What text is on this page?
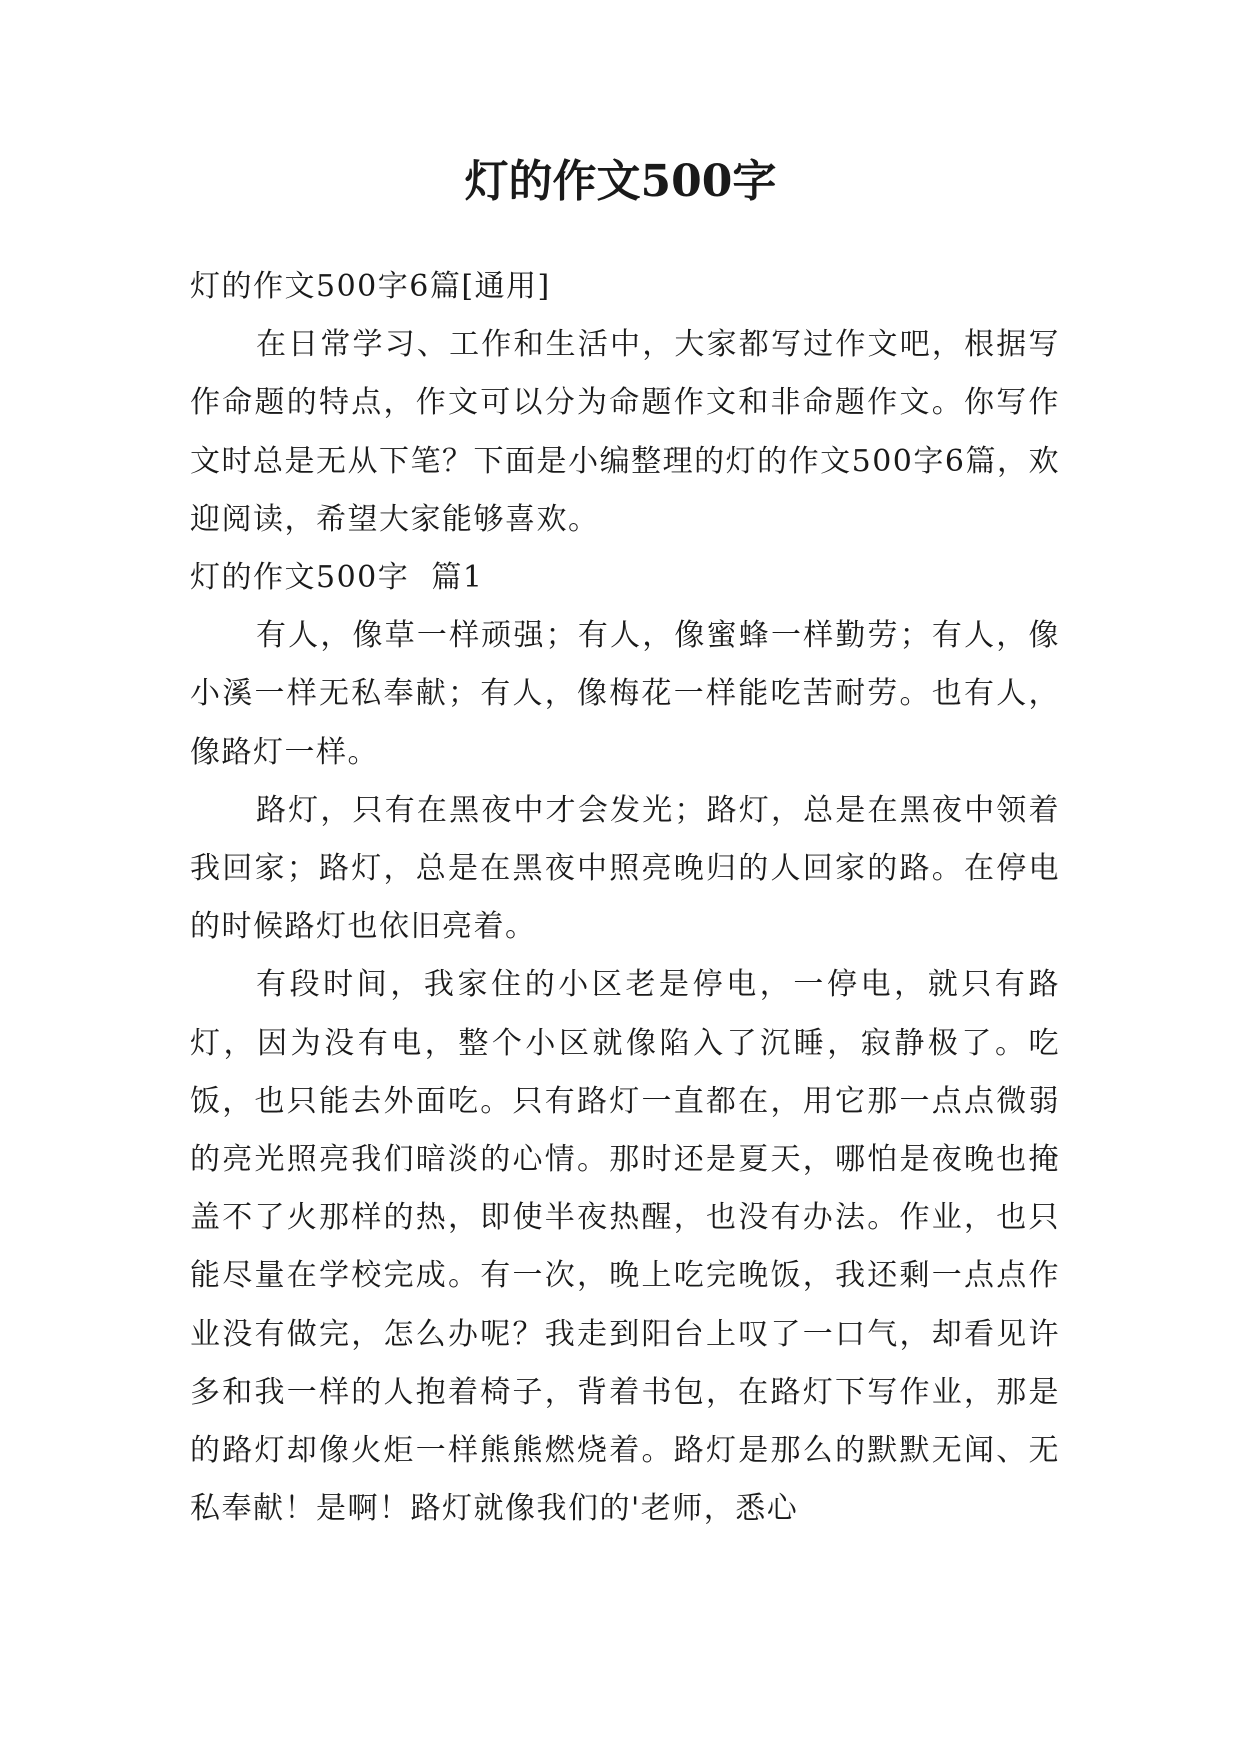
灯的作文500字

灯的作文500字6篇[通用]

在日常学习、工作和生活中，大家都写过作文吧，根据写作命题的特点，作文可以分为命题作文和非命题作文。你写作文时总是无从下笔？下面是小编整理的灯的作文500字6篇，欢迎阅读，希望大家能够喜欢。

灯的作文500字  篇1

有人，像草一样顽强；有人，像蜜蜂一样勤劳；有人，像小溪一样无私奉献；有人，像梅花一样能吃苦耐劳。也有人，像路灯一样。

路灯，只有在黑夜中才会发光；路灯，总是在黑夜中领着我回家；路灯，总是在黑夜中照亮晚归的人回家的路。在停电的时候路灯也依旧亮着。

有段时间，我家住的小区老是停电，一停电，就只有路灯，因为没有电，整个小区就像陷入了沉睡，寂静极了。吃饭，也只能去外面吃。只有路灯一直都在，用它那一点点微弱的亮光照亮我们暗淡的心情。那时还是夏天，哪怕是夜晚也掩盖不了火那样的热，即使半夜热醒，也没有办法。作业，也只能尽量在学校完成。有一次，晚上吃完晚饭，我还剩一点点作业没有做完，怎么办呢？我走到阳台上叹了一口气，却看见许多和我一样的人抱着椅子，背着书包，在路灯下写作业，那是的路灯却像火炬一样熊熊燃烧着。路灯是那么的默默无闻、无私奉献！是啊！路灯就像我们的'老师，悉心
